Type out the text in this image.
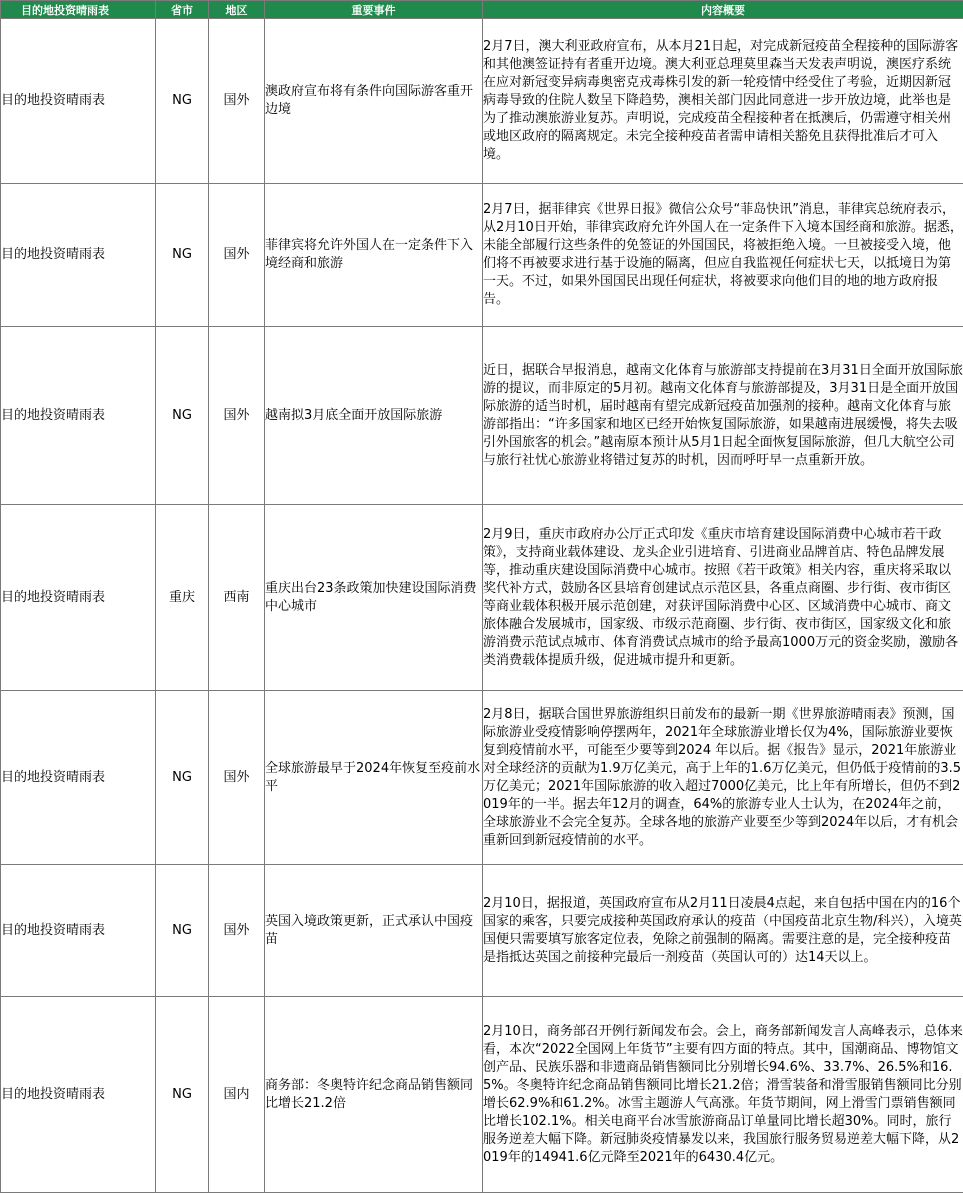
目的地投资晴雨表	省市	地区	重要事件	内容概要
目的地投资晴雨表	NG	国外	澳政府宣布将有条件向国际游客重开边境	2月7日，澳大利亚政府宣布，从本月21日起，对完成新冠疫苗全程接种的国际游客和其他澳签证持有者重开边境。澳大利亚总理莫里森当天发表声明说，澳医疗系统在应对新冠变异病毒奥密克戎毒株引发的新一轮疫情中经受住了考验，近期因新冠病毒导致的住院人数呈下降趋势，澳相关部门因此同意进一步开放边境，此举也是为了推动澳旅游业复苏。声明说，完成疫苗全程接种者在抵澳后，仍需遵守相关州或地区政府的隔离规定。未完全接种疫苗者需申请相关豁免且获得批准后才可入境。

目的地投资晴雨表	NG	国外	菲律宾将允许外国人在一定条件下入境经商和旅游	2月7日，据菲律宾《世界日报》微信公众号“菲岛快讯”消息，菲律宾总统府表示，从2月10日开始，菲律宾政府允许外国人在一定条件下入境本国经商和旅游。据悉，未能全部履行这些条件的免签证的外国国民，将被拒绝入境。一旦被接受入境，他们将不再被要求进行基于设施的隔离，但应自我监视任何症状七天，以抵境日为第一天。不过，如果外国国民出现任何症状，将被要求向他们目的地的地方政府报告。

目的地投资晴雨表	NG	国外	越南拟3月底全面开放国际旅游	近日，据联合早报消息，越南文化体育与旅游部支持提前在3月31日全面开放国际旅游的提议，而非原定的5月初。越南文化体育与旅游部提及，3月31日是全面开放国际旅游的适当时机，届时越南有望完成新冠疫苗加强剂的接种。越南文化体育与旅游部指出：“许多国家和地区已经开始恢复国际旅游，如果越南进展缓慢，将失去吸引外国旅客的机会。”越南原本预计从5月1日起全面恢复国际旅游，但几大航空公司与旅行社忧心旅游业将错过复苏的时机，因而呼吁早一点重新开放。

目的地投资晴雨表	重庆	西南	重庆出台23条政策加快建设国际消费中心城市	2月9日，重庆市政府办公厅正式印发《重庆市培育建设国际消费中心城市若干政策》，支持商业载体建设、龙头企业引进培育、引进商业品牌首店、特色品牌发展等，推动重庆建设国际消费中心城市。按照《若干政策》相关内容，重庆将采取以奖代补方式，鼓励各区县培育创建试点示范区县，各重点商圈、步行街、夜市街区等商业载体积极开展示范创建，对获评国际消费中心区、区域消费中心城市、商文旅体融合发展城市，国家级、市级示范商圈、步行街、夜市街区，国家级文化和旅游消费示范试点城市、体育消费试点城市的给予最高1000万元的资金奖励，激励各类消费载体提质升级，促进城市提升和更新。

目的地投资晴雨表	NG	国外	全球旅游最早于2024年恢复至疫前水平	2月8日，据联合国世界旅游组织日前发布的最新一期《世界旅游晴雨表》预测，国际旅游业受疫情影响停摆两年，2021年全球旅游业增长仅为4%，国际旅游业要恢复到疫情前水平，可能至少要等到2024 年以后。据《报告》显示，2021年旅游业对全球经济的贡献为1.9万亿美元，高于上年的1.6万亿美元，但仍低于疫情前的3.5万亿美元；2021年国际旅游的收入超过7000亿美元，比上年有所增长，但仍不到2019年的一半。据去年12月的调查，64%的旅游专业人士认为，在2024年之前，全球旅游业不会完全复苏。全球各地的旅游产业要至少等到2024年以后，才有机会重新回到新冠疫情前的水平。

目的地投资晴雨表	NG	国外	英国入境政策更新，正式承认中国疫苗	2月10日，据报道，英国政府宣布从2月11日凌晨4点起，来自包括中国在内的16个国家的乘客，只要完成接种英国政府承认的疫苗（中国疫苗北京生物/科兴），入境英国便只需要填写旅客定位表，免除之前强制的隔离。需要注意的是，完全接种疫苗是指抵达英国之前接种完最后一剂疫苗（英国认可的）达14天以上。

目的地投资晴雨表	NG	国内	商务部：冬奥特许纪念商品销售额同比增长21.2倍	2月10日，商务部召开例行新闻发布会。会上，商务部新闻发言人高峰表示，总体来看，本次“2022全国网上年货节”主要有四方面的特点。其中，国潮商品、博物馆文创产品、民族乐器和非遗商品销售额同比分别增长94.6%、33.7%、26.5%和16.5%。冬奥特许纪念商品销售额同比增长21.2倍；滑雪装备和滑雪服销售额同比分别增长62.9%和61.2%。冰雪主题游人气高涨。年货节期间，网上滑雪门票销售额同比增长102.1%。相关电商平台冰雪旅游商品订单量同比增长超30%。同时，旅行服务逆差大幅下降。新冠肺炎疫情暴发以来，我国旅行服务贸易逆差大幅下降，从2019年的14941.6亿元降至2021年的6430.4亿元。
